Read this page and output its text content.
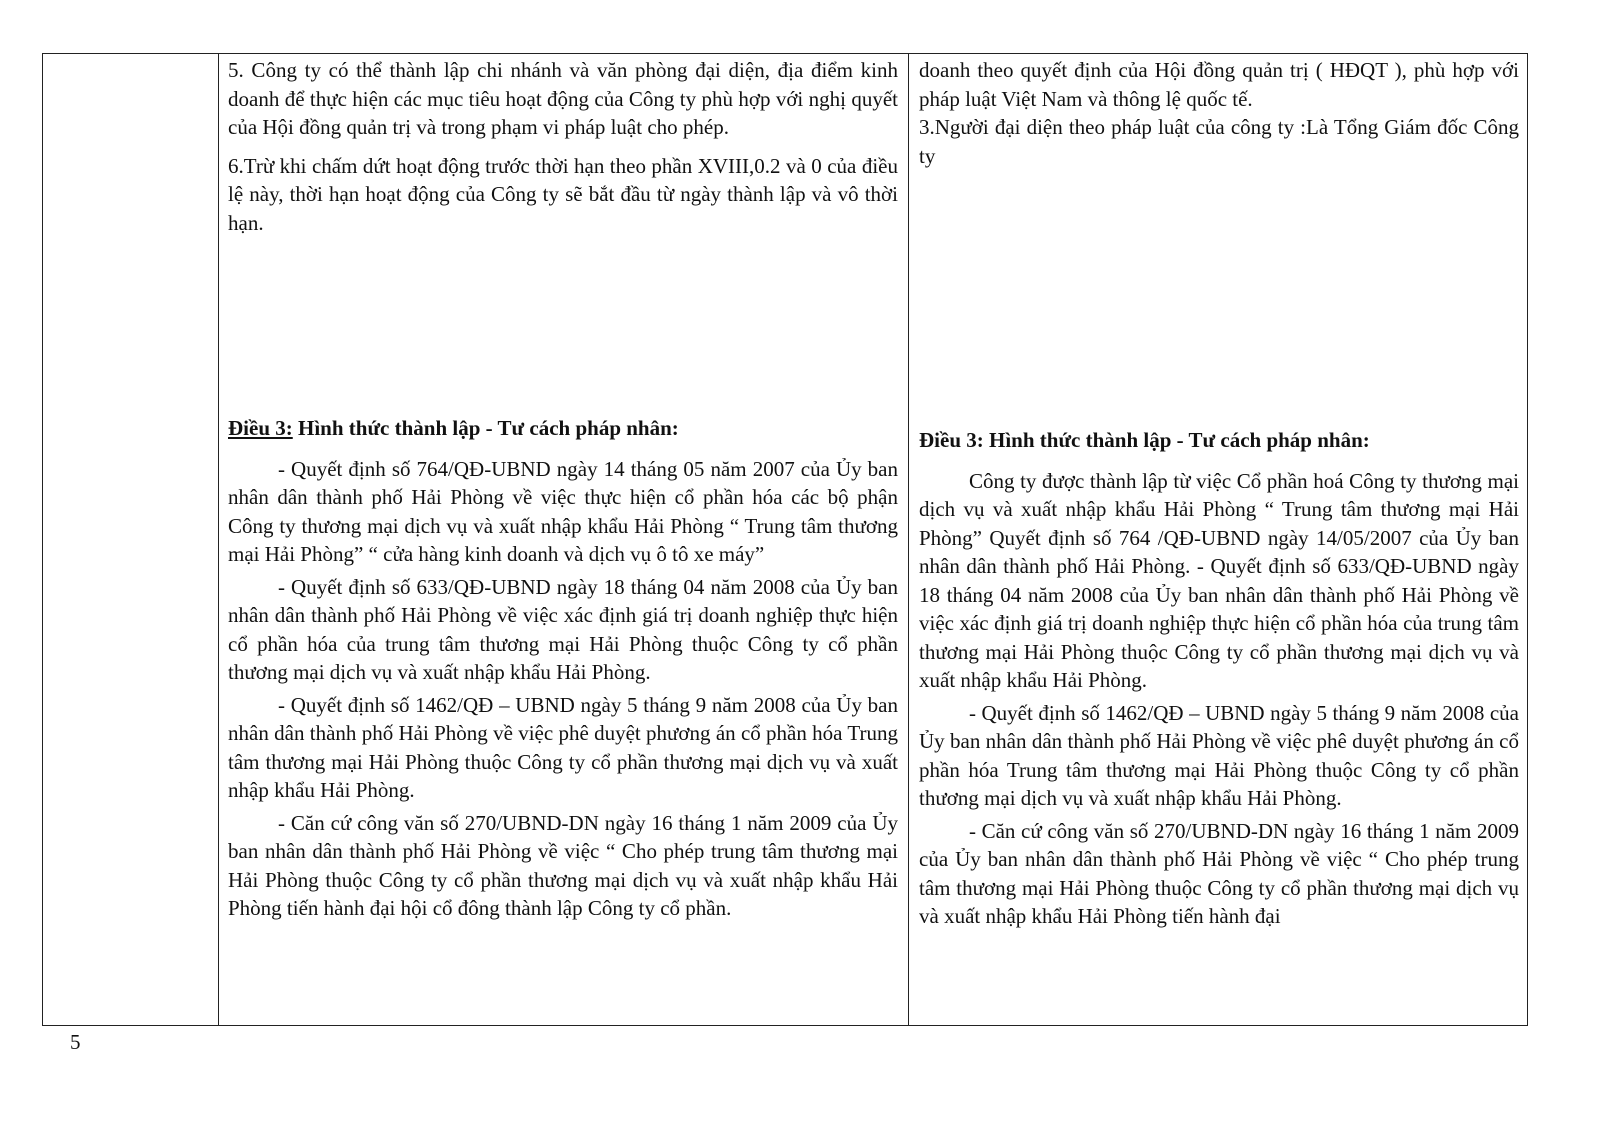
5. Công ty có thể thành lập chi nhánh và văn phòng đại diện, địa điểm kinh doanh để thực hiện các mục tiêu hoạt động của Công ty phù hợp với nghị quyết của Hội đồng quản trị và trong phạm vi pháp luật cho phép.

6.Trừ khi chấm dứt hoạt động trước thời hạn theo phần XVIII,0.2 và 0 của điều lệ này, thời hạn hoạt động của Công ty sẽ bắt đầu từ ngày thành lập và vô thời hạn.

Điều 3: Hình thức thành lập - Tư cách pháp nhân:

- Quyết định số 764/QĐ-UBND ngày 14 tháng 05 năm 2007 của Ủy ban nhân dân thành phố Hải Phòng về việc thực hiện cổ phần hóa các bộ phận Công ty thương mại dịch vụ và xuất nhập khẩu Hải Phòng “ Trung tâm thương mại Hải Phòng” “ cửa hàng kinh doanh và dịch vụ ô tô xe máy”

- Quyết định số 633/QĐ-UBND ngày 18 tháng 04 năm 2008 của Ủy ban nhân dân thành phố Hải Phòng về việc xác định giá trị doanh nghiệp thực hiện cổ phần hóa của trung tâm thương mại Hải Phòng thuộc Công ty cổ phần thương mại dịch vụ và xuất nhập khẩu Hải Phòng.

- Quyết định số 1462/QĐ – UBND ngày 5 tháng 9 năm 2008 của Ủy ban nhân dân thành phố Hải Phòng về việc phê duyệt phương án cổ phần hóa Trung tâm thương mại Hải Phòng thuộc Công ty cổ phần thương mại dịch vụ và xuất nhập khẩu Hải Phòng.

- Căn cứ công văn số 270/UBND-DN ngày 16 tháng 1 năm 2009 của Ủy ban nhân dân thành phố Hải Phòng về việc “ Cho phép trung tâm thương mại Hải Phòng thuộc Công ty cổ phần thương mại dịch vụ và xuất nhập khẩu Hải Phòng tiến hành đại hội cổ đông thành lập Công ty cổ phần.

doanh theo quyết định của Hội đồng quản trị ( HĐQT ), phù hợp với pháp luật Việt Nam và thông lệ quốc tế.

3.Người đại diện theo pháp luật của công ty :Là Tổng Giám đốc Công ty

Điều 3: Hình thức thành lập - Tư cách pháp nhân:

Công ty được thành lập từ việc Cổ phần hoá Công ty thương mại dịch vụ và xuất nhập khẩu Hải Phòng “ Trung tâm thương mại Hải Phòng” Quyết định số 764 /QĐ-UBND ngày 14/05/2007 của Ủy ban nhân dân thành phố Hải Phòng. - Quyết định số 633/QĐ-UBND ngày 18 tháng 04 năm 2008 của Ủy ban nhân dân thành phố Hải Phòng về việc xác định giá trị doanh nghiệp thực hiện cổ phần hóa của trung tâm thương mại Hải Phòng thuộc Công ty cổ phần thương mại dịch vụ và xuất nhập khẩu Hải Phòng.

- Quyết định số 1462/QĐ – UBND ngày 5 tháng 9 năm 2008 của Ủy ban nhân dân thành phố Hải Phòng về việc phê duyệt phương án cổ phần hóa Trung tâm thương mại Hải Phòng thuộc Công ty cổ phần thương mại dịch vụ và xuất nhập khẩu Hải Phòng.

- Căn cứ công văn số 270/UBND-DN ngày 16 tháng 1 năm 2009 của Ủy ban nhân dân thành phố Hải Phòng về việc “ Cho phép trung tâm thương mại Hải Phòng thuộc Công ty cổ phần thương mại dịch vụ và xuất nhập khẩu Hải Phòng tiến hành đại

5
